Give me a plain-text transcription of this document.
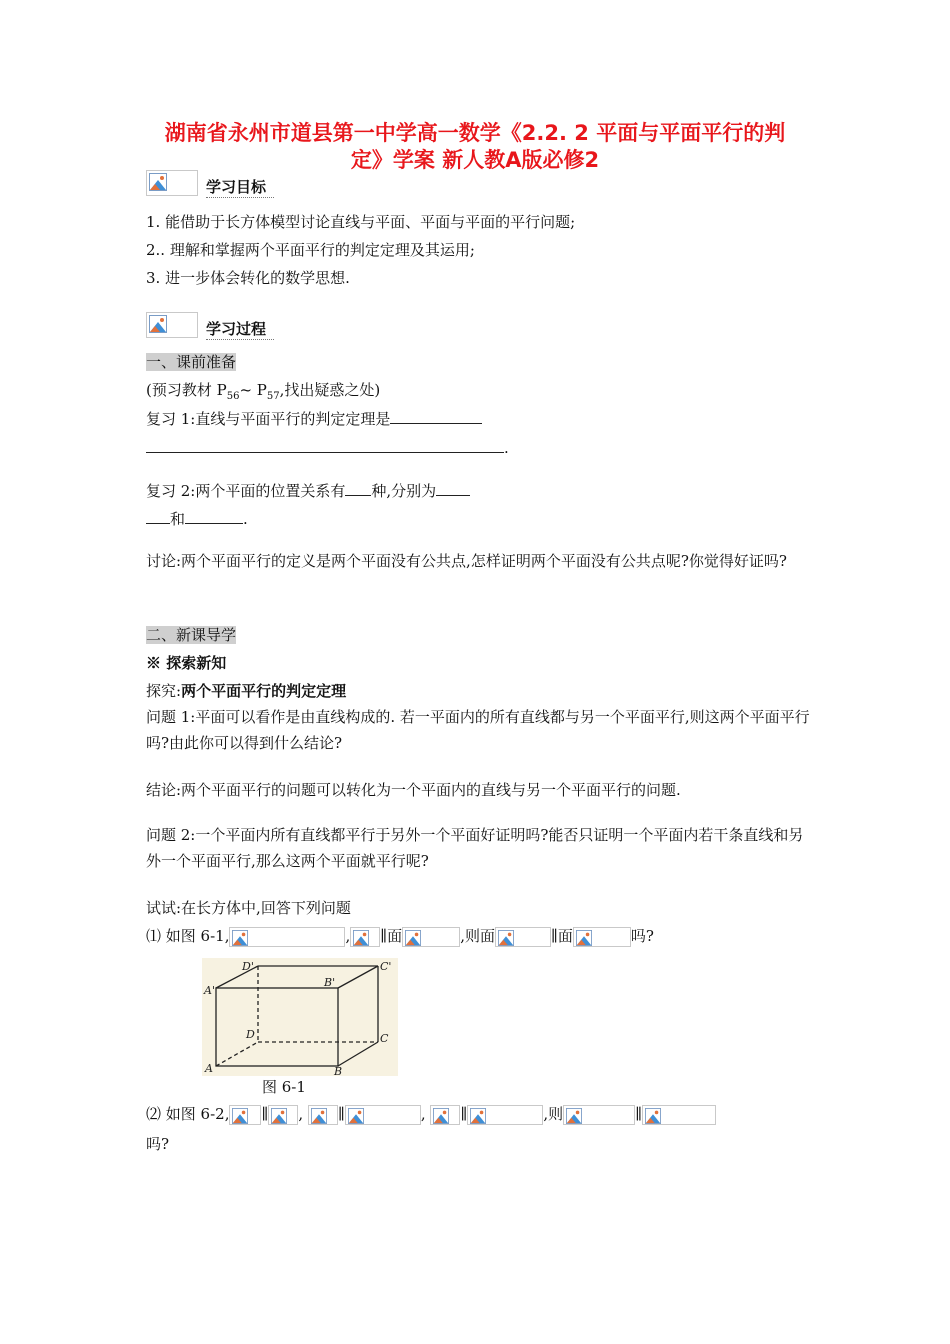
湖南省永州市道县第一中学高一数学《2.2. 2 平面与平面平行的判
定》学案 新人教A版必修2
学习目标
1. 能借助于长方体模型讨论直线与平面、平面与平面的平行问题;
2.. 理解和掌握两个平面平行的判定定理及其运用;
3. 进一步体会转化的数学思想.
学习过程
一、课前准备
(预习教材 $P_{56}\sim$ $P_{57}$,找出疑惑之处)
复习 1:直线与平面平行的判定定理是
.
复习 2:两个平面的位置关系有 种,分别为
和	.
讨论:两个平面平行的定义是两个平面没有公共点,怎样证明两个平面没有公共点呢?你觉得好证吗?
二、新课导学
※ 探索新知
探究:两个平面平行的判定定理
问题 1:平面可以看作是由直线构成的. 若一平面内的所有直线都与另一个平面平行,则这两个平面平行吗?由此你可以得到什么结论?
结论:两个平面平行的问题可以转化为一个平面内的直线与另一个平面平行的问题.
问题 2:一个平面内所有直线都平行于另外一个平面好证明吗?能否只证明一个平面内若干条直线和另外一个平面平行,那么这两个平面就平行呢?
试试:在长方体中,回答下列问题
⑴ 如图 6-1,	, ∥面	,则面	∥面	吗?
D'	C'
A'
B'
D	C
A	B
图 6-1
⑵ 如图 6-2, ∥ , ∥	, ∥	,则	∥
吗?
